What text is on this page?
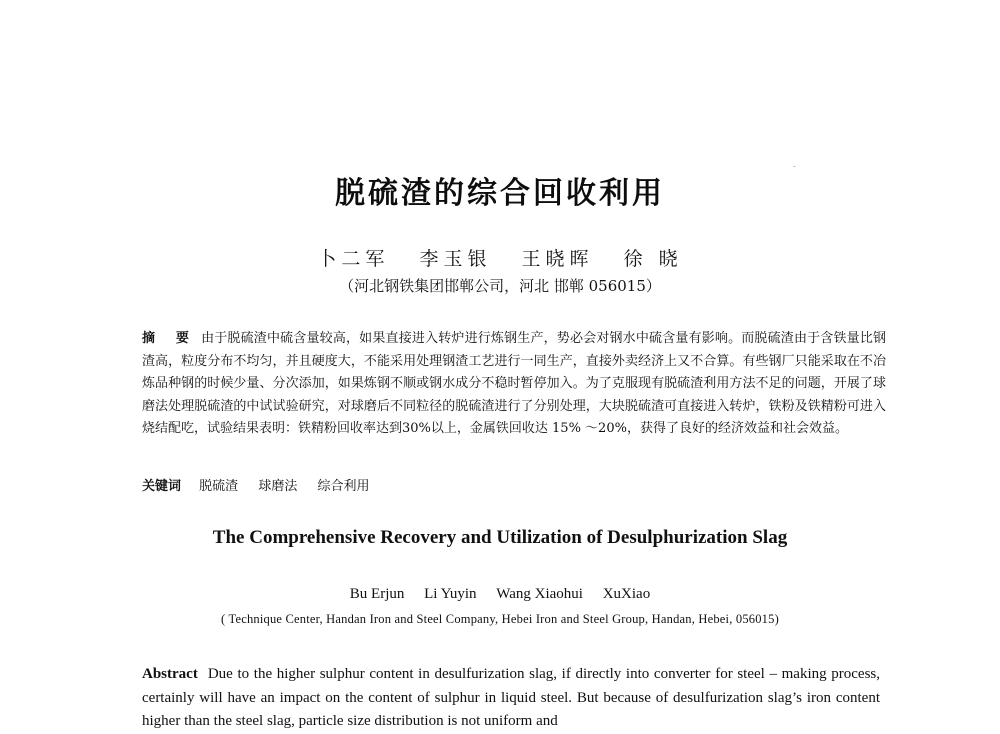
脱硫渣的综合回收利用
卜二军 李玉银 王晓晖 徐 晓
（河北钢铁集团邯郸公司，河北 邯郸 056015）
摘 要 由于脱硫渣中硫含量较高，如果直接进入转炉进行炼钢生产，势必会对钢水中硫含量有影响。而脱硫渣由于含铁量比钢渣高，粒度分布不均匀，并且硬度大，不能采用处理钢渣工艺进行一同生产，直接外卖经济上又不合算。有些钢厂只能采取在不冶炼品种钢的时候少量、分次添加，如果炼钢不顺或钢水成分不稳时暂停加入。为了克服现有脱硫渣利用方法不足的问题，开展了球磨法处理脱硫渣的中试试验研究，对球磨后不同粒径的脱硫渣进行了分别处理，大块脱硫渣可直接进入转炉，铁粉及铁精粉可进入烧结配吃，试验结果表明：铁精粉回收率达到30%以上，金属铁回收达 15% ～20%，获得了良好的经济效益和社会效益。
关键词 脱硫渣 球磨法 综合利用
The Comprehensive Recovery and Utilization of Desulphurization Slag
Bu Erjun Li Yuyin Wang Xiaohui XuXiao
( Technique Center, Handan Iron and Steel Company, Hebei Iron and Steel Group, Handan, Hebei, 056015)
Abstract Due to the higher sulphur content in desulfurization slag, if directly into converter for steel – making process, certainly will have an impact on the content of sulphur in liquid steel. But because of desulfurization slag’s iron content higher than the steel slag, particle size distribution is not uniform and
